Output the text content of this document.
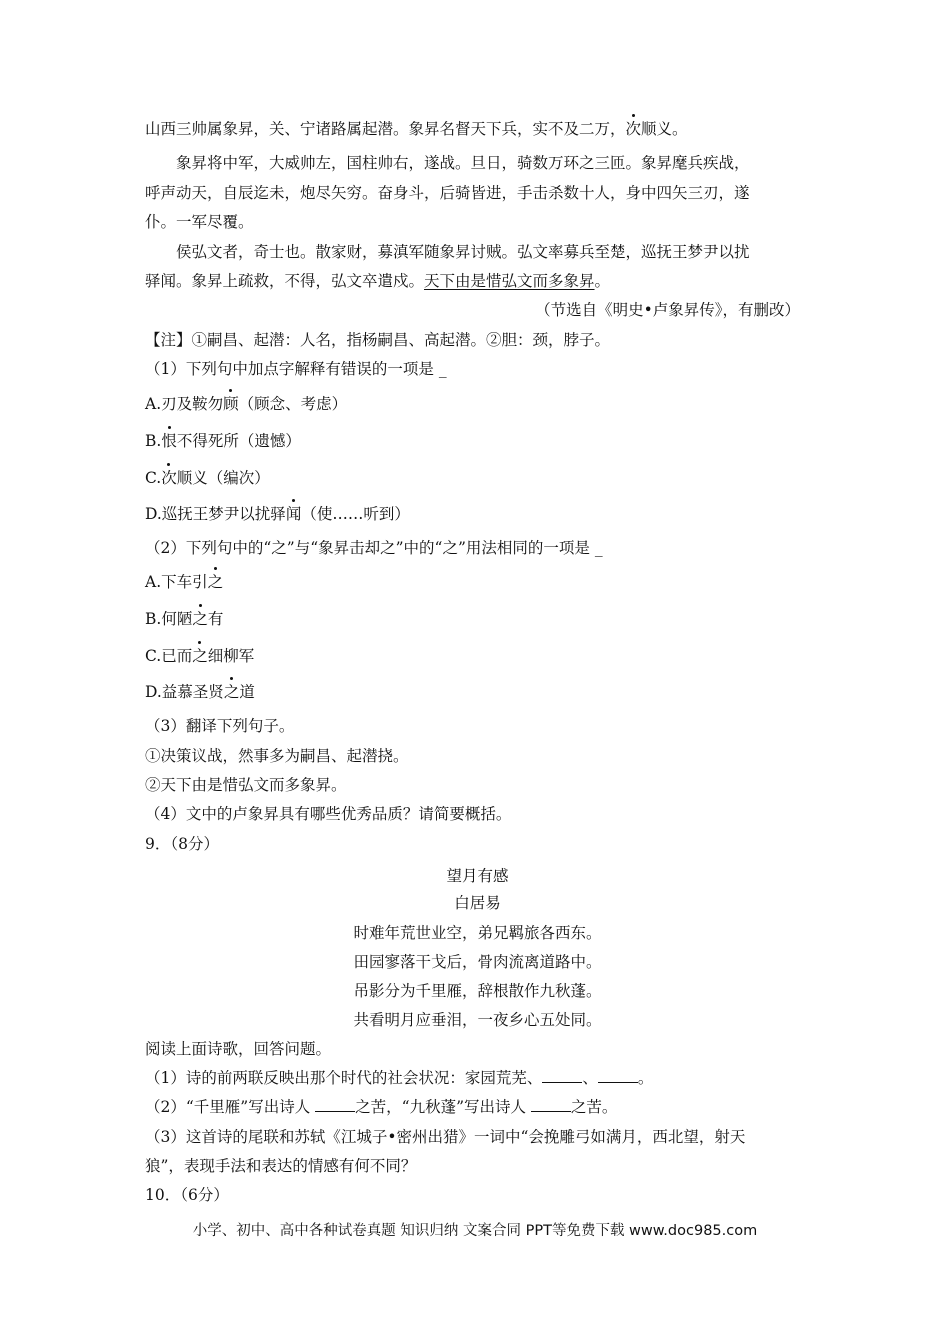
山西三帅属象昇，关、宁诸路属起潜。象昇名督天下兵，实不及二万，次顺义。
象昇将中军，大威帅左，国柱帅右，遂战。旦日，骑数万环之三匝。象昇麾兵疾战，
呼声动天，自辰迄未，炮尽矢穷。奋身斗，后骑皆进，手击杀数十人，身中四矢三刃，遂
仆。一军尽覆。
侯弘文者，奇士也。散家财，募滇军随象昇讨贼。弘文率募兵至楚，巡抚王梦尹以扰
驿闻。象昇上疏救，不得，弘文卒遣戍。天下由是惜弘文而多象昇。
（节选自《明史•卢象昇传》，有删改）
【注】①嗣昌、起潜：人名，指杨嗣昌、高起潜。②胆：颈，脖子。
（1）下列句中加点字解释有错误的一项是 _
A.刃及鞍勿顾（顾念、考虑）
B.恨不得死所（遗憾）
C.次顺义（编次）
D.巡抚王梦尹以扰驿闻（使……听到）
（2）下列句中的“之”与“象昇击却之”中的“之”用法相同的一项是 _
A.下车引之
B.何陋之有
C.已而之细柳军
D.益慕圣贤之道
（3）翻译下列句子。
①决策议战，然事多为嗣昌、起潜挠。
②天下由是惜弘文而多象昇。
（4）文中的卢象昇具有哪些优秀品质？请简要概括。
9．（8分）
望月有感
白居易
时难年荒世业空，弟兄羁旅各西东。
田园寥落干戈后，骨肉流离道路中。
吊影分为千里雁，辞根散作九秋蓬。
共看明月应垂泪，一夜乡心五处同。
阅读上面诗歌，回答问题。
（1）诗的前两联反映出那个时代的社会状况：家园荒芜、	、	。
（2）“千里雁”写出诗人	之苦，“九秋蓬”写出诗人	之苦。
（3）这首诗的尾联和苏轼《江城子•密州出猎》一词中“会挽雕弓如满月，西北望，射天
狼”，表现手法和表达的情感有何不同？
10．（6分）
小学、初中、高中各种试卷真题 知识归纳 文案合同 PPT等免费下载 www.doc985.com
